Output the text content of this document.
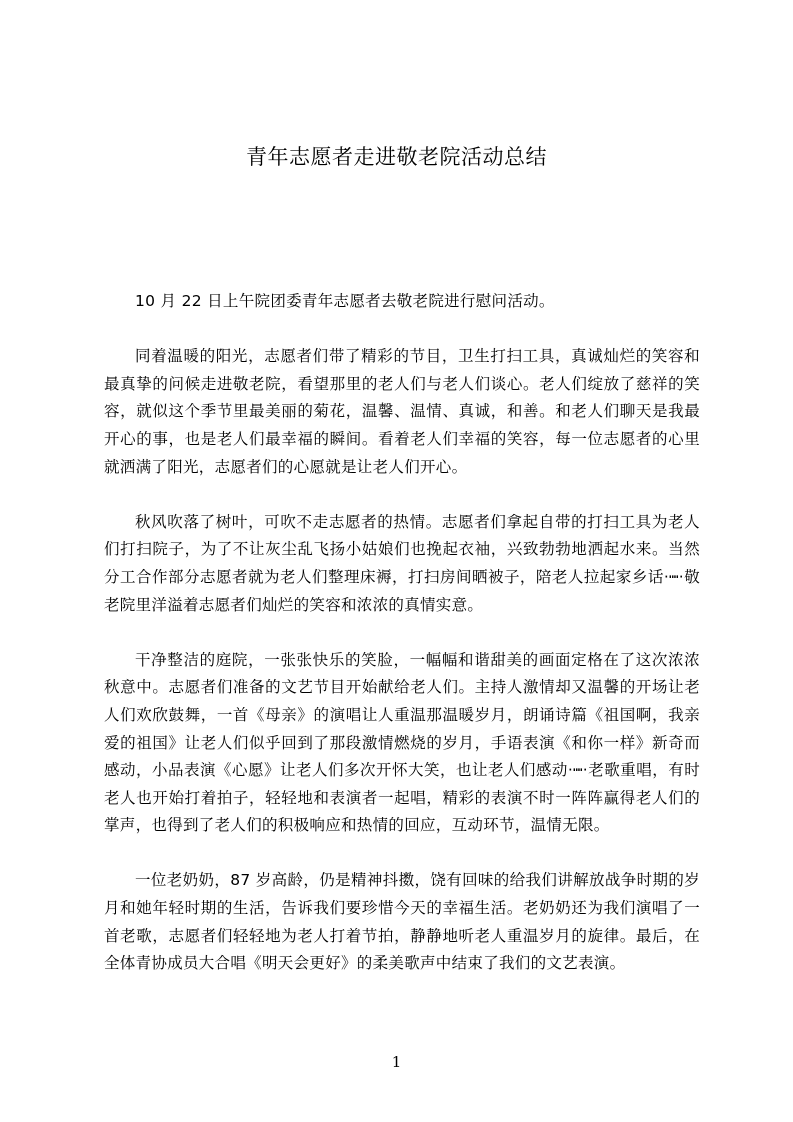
青年志愿者走进敬老院活动总结

10 月 22 日上午院团委青年志愿者去敬老院进行慰问活动。

同着温暖的阳光，志愿者们带了精彩的节目，卫生打扫工具，真诚灿烂的笑容和最真挚的问候走进敬老院，看望那里的老人们与老人们谈心。老人们绽放了慈祥的笑容，就似这个季节里最美丽的菊花，温馨、温情、真诚，和善。和老人们聊天是我最开心的事，也是老人们最幸福的瞬间。看着老人们幸福的笑容，每一位志愿者的心里就洒满了阳光，志愿者们的心愿就是让老人们开心。

秋风吹落了树叶，可吹不走志愿者的热情。志愿者们拿起自带的打扫工具为老人们打扫院子，为了不让灰尘乱飞扬小姑娘们也挽起衣袖，兴致勃勃地洒起水来。当然分工合作部分志愿者就为老人们整理床褥，打扫房间晒被子，陪老人拉起家乡话·┉·敬老院里洋溢着志愿者们灿烂的笑容和浓浓的真情实意。

干净整洁的庭院，一张张快乐的笑脸，一幅幅和谐甜美的画面定格在了这次浓浓秋意中。志愿者们准备的文艺节目开始献给老人们。主持人激情却又温馨的开场让老人们欢欣鼓舞，一首《母亲》的演唱让人重温那温暖岁月，朗诵诗篇《祖国啊，我亲爱的祖国》让老人们似乎回到了那段激情燃烧的岁月，手语表演《和你一样》新奇而感动，小品表演《心愿》让老人们多次开怀大笑，也让老人们感动·┉·老歌重唱，有时老人也开始打着拍子，轻轻地和表演者一起唱，精彩的表演不时一阵阵赢得老人们的掌声，也得到了老人们的积极响应和热情的回应，互动环节，温情无限。

一位老奶奶，87 岁高龄，仍是精神抖擞，饶有回味的给我们讲解放战争时期的岁月和她年轻时期的生活，告诉我们要珍惜今天的幸福生活。老奶奶还为我们演唱了一首老歌，志愿者们轻轻地为老人打着节拍，静静地听老人重温岁月的旋律。最后，在全体青协成员大合唱《明天会更好》的柔美歌声中结束了我们的文艺表演。

1
